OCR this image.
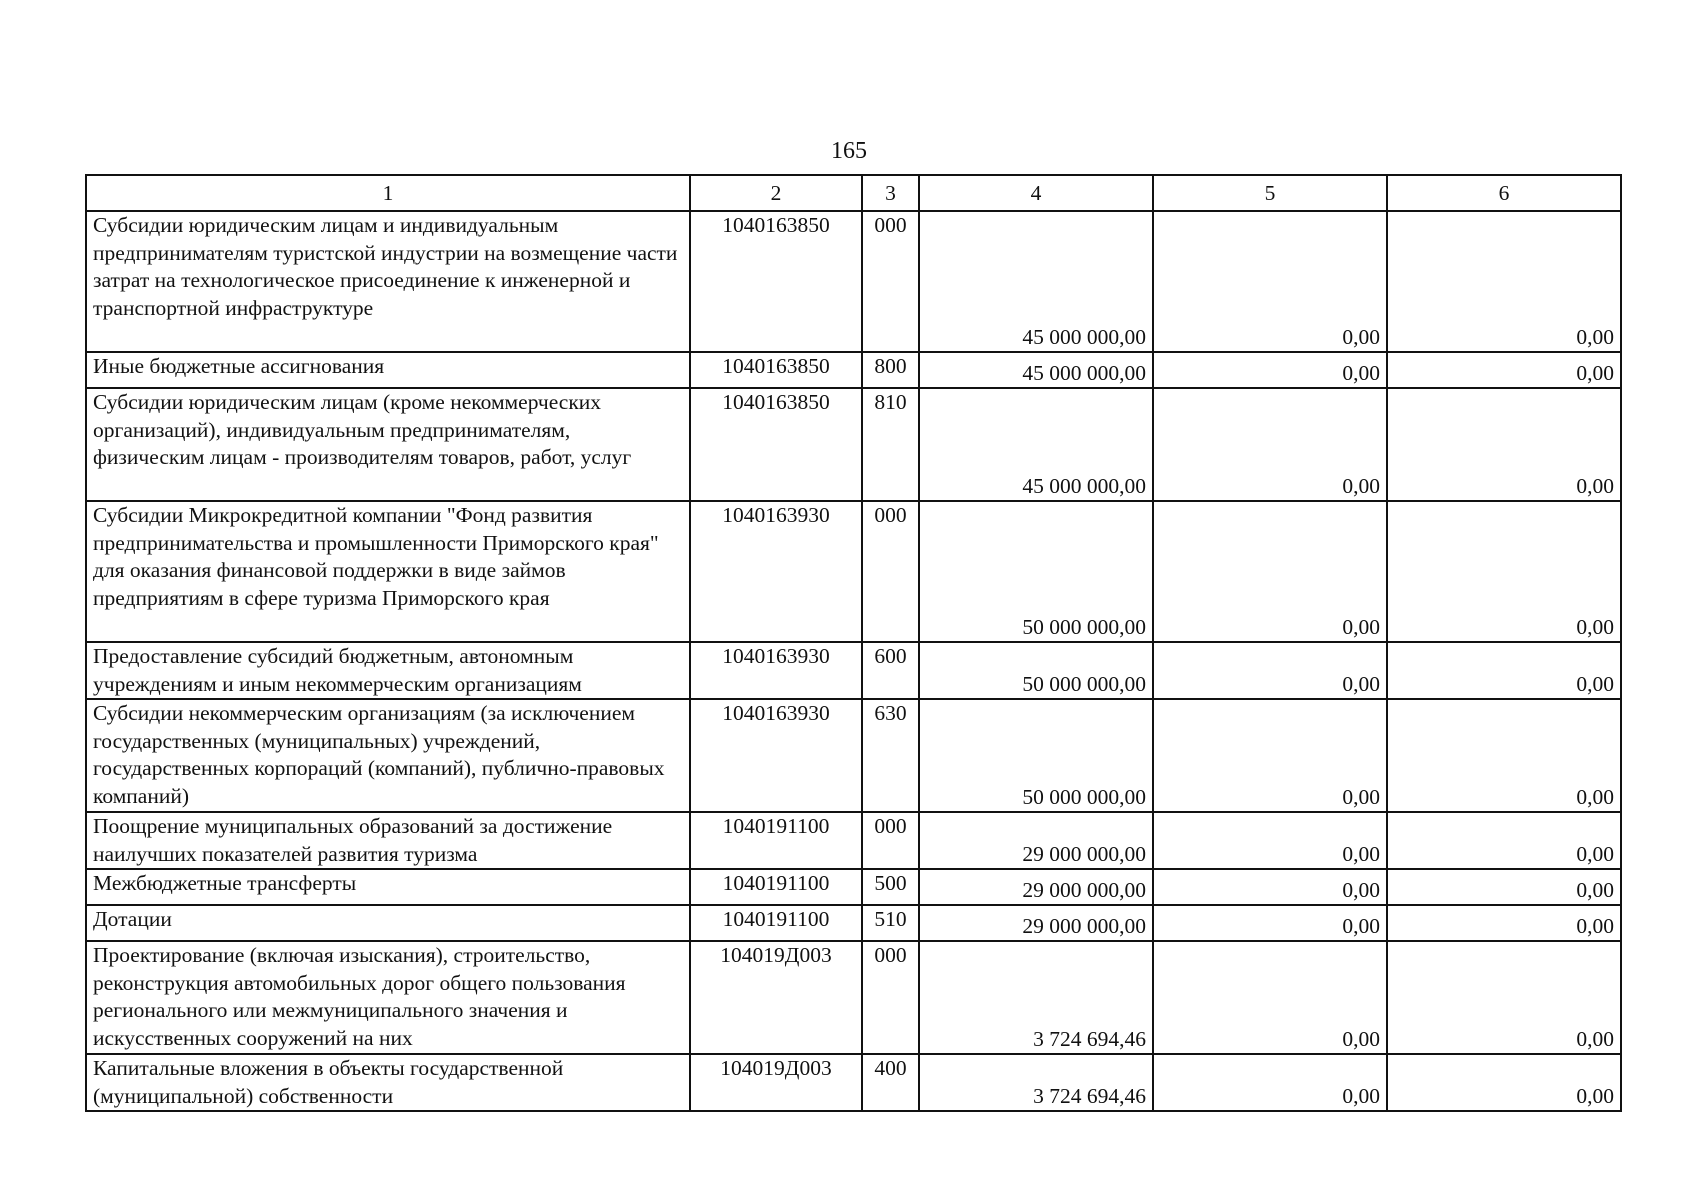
165
1	2	3	4	5	6
Субсидии юридическим лицам и индивидуальным предпринимателям туристской индустрии на возмещение части затрат на технологическое присоединение к инженерной и транспортной инфраструктуре	1040163850	000	45 000 000,00	0,00	0,00
Иные бюджетные ассигнования	1040163850	800	45 000 000,00	0,00	0,00
Субсидии юридическим лицам (кроме некоммерческих организаций), индивидуальным предпринимателям, физическим лицам - производителям товаров, работ, услуг	1040163850	810	45 000 000,00	0,00	0,00
Субсидии Микрокредитной компании "Фонд развития предпринимательства и промышленности Приморского края" для оказания финансовой поддержки в виде займов предприятиям в сфере туризма Приморского края	1040163930	000	50 000 000,00	0,00	0,00
Предоставление субсидий бюджетным, автономным учреждениям и иным некоммерческим организациям	1040163930	600	50 000 000,00	0,00	0,00
Субсидии некоммерческим организациям (за исключением государственных (муниципальных) учреждений, государственных корпораций (компаний), публично-правовых компаний)	1040163930	630	50 000 000,00	0,00	0,00
Поощрение муниципальных образований за достижение наилучших показателей развития туризма	1040191100	000	29 000 000,00	0,00	0,00
Межбюджетные трансферты	1040191100	500	29 000 000,00	0,00	0,00
Дотации	1040191100	510	29 000 000,00	0,00	0,00
Проектирование (включая изыскания), строительство, реконструкция автомобильных дорог общего пользования регионального или межмуниципального значения и искусственных сооружений на них	104019Д003	000	3 724 694,46	0,00	0,00
Капитальные вложения в объекты государственной (муниципальной) собственности	104019Д003	400	3 724 694,46	0,00	0,00
